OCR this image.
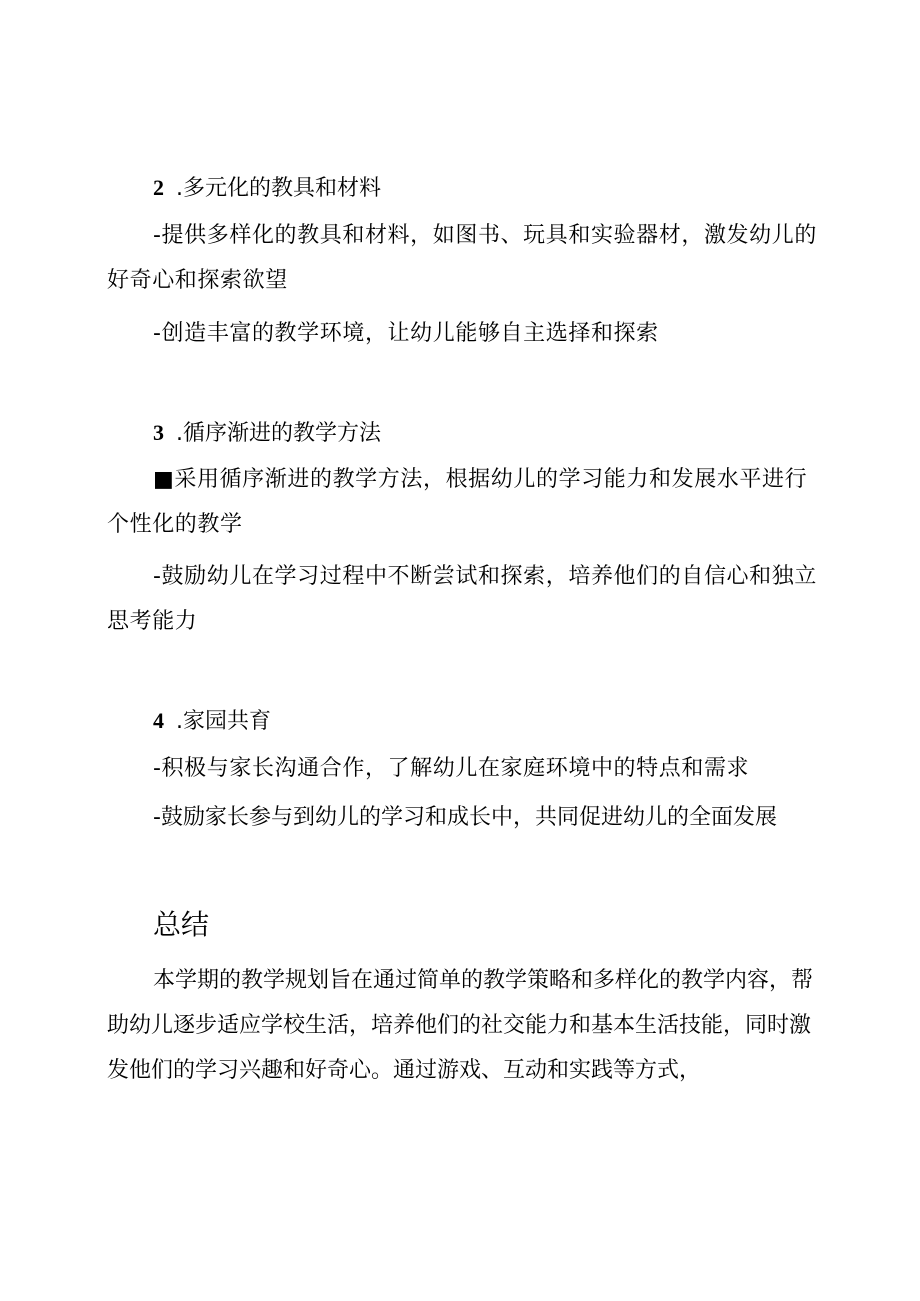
2 .多元化的教具和材料

-提供多样化的教具和材料，如图书、玩具和实验器材，激发幼儿的好奇心和探索欲望

-创造丰富的教学环境，让幼儿能够自主选择和探索

3 .循序渐进的教学方法

■采用循序渐进的教学方法，根据幼儿的学习能力和发展水平进行个性化的教学

-鼓励幼儿在学习过程中不断尝试和探索，培养他们的自信心和独立思考能力

4 .家园共育

-积极与家长沟通合作，了解幼儿在家庭环境中的特点和需求

-鼓励家长参与到幼儿的学习和成长中，共同促进幼儿的全面发展

总结

本学期的教学规划旨在通过简单的教学策略和多样化的教学内容，帮助幼儿逐步适应学校生活，培养他们的社交能力和基本生活技能，同时激发他们的学习兴趣和好奇心。通过游戏、互动和实践等方式，
